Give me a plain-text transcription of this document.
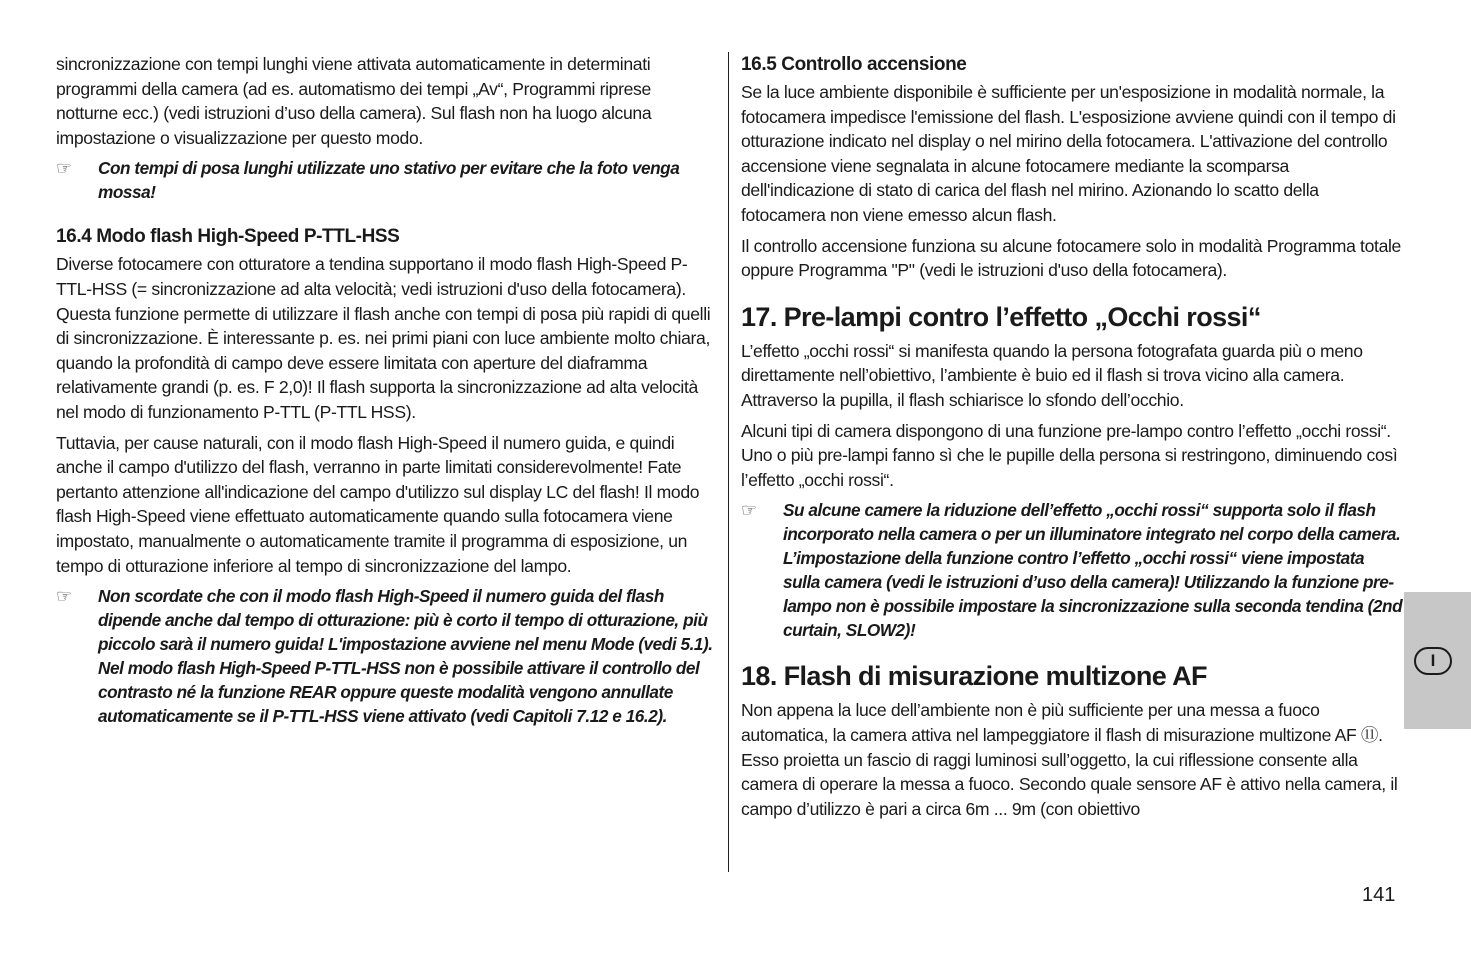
sincronizzazione con tempi lunghi viene attivata automaticamente in determinati programmi della camera (ad es. automatismo dei tempi „Av“, Programmi riprese notturne ecc.) (vedi istruzioni d’uso della camera). Sul flash non ha luogo alcuna impostazione o visualizzazione per questo modo.

☞	Con tempi di posa lunghi utilizzate uno stativo per evitare che la foto venga mossa!
16.4 Modo flash High-Speed P-TTL-HSS

Diverse fotocamere con otturatore a tendina supportano il modo flash High-Speed P-TTL-HSS (= sincronizzazione ad alta velocità; vedi istruzioni d'uso della fotocamera). Questa funzione permette di utilizzare il flash anche con tempi di posa più rapidi di quelli di sincronizzazione. È interessante p. es. nei primi piani con luce ambiente molto chiara, quando la profondità di campo deve essere limitata con aperture del diaframma relativamente grandi (p. es. F 2,0)! Il flash supporta la sincronizzazione ad alta velocità nel modo di funzionamento P-TTL (P-TTL HSS).

Tuttavia, per cause naturali, con il modo flash High-Speed il numero guida, e quindi anche il campo d'utilizzo del flash, verranno in parte limitati considerevolmente! Fate pertanto attenzione all'indicazione del campo d'utilizzo sul display LC del flash! Il modo flash High-Speed viene effettuato automaticamente quando sulla fotocamera viene impostato, manualmente o automaticamente tramite il programma di esposizione, un tempo di otturazione inferiore al tempo di sincronizzazione del lampo.

☞	Non scordate che con il modo flash High-Speed il numero guida del flash dipende anche dal tempo di otturazione: più è corto il tempo di otturazione, più piccolo sarà il numero guida! L'impostazione avviene nel menu Mode (vedi 5.1). Nel modo flash High-Speed P-TTL-HSS non è possibile attivare il controllo del contrasto né la funzione REAR oppure queste modalità vengono annullate automaticamente se il P-TTL-HSS viene attivato (vedi Capitoli 7.12 e 16.2).
16.5 Controllo accensione

Se la luce ambiente disponibile è sufficiente per un'esposizione in modalità normale, la fotocamera impedisce l'emissione del flash. L'esposizione avviene quindi con il tempo di otturazione indicato nel display o nel mirino della fotocamera. L'attivazione del controllo accensione viene segnalata in alcune fotocamere mediante la scomparsa dell'indicazione di stato di carica del flash nel mirino. Azionando lo scatto della fotocamera non viene emesso alcun flash.

Il controllo accensione funziona su alcune fotocamere solo in modalità Programma totale oppure Programma "P" (vedi le istruzioni d'uso della fotocamera).

17. Pre-lampi contro l’effetto „Occhi rossi“

L’effetto „occhi rossi“ si manifesta quando la persona fotografata guarda più o meno direttamente nell’obiettivo, l’ambiente è buio ed il flash si trova vicino alla camera. Attraverso la pupilla, il flash schiarisce lo sfondo dell’occhio.

Alcuni tipi di camera dispongono di una funzione pre-lampo contro l’effetto „occhi rossi“. Uno o più pre-lampi fanno sì che le pupille della persona si restringono, diminuendo così l’effetto „occhi rossi“.

☞	Su alcune camere la riduzione dell’effetto „occhi rossi“ supporta solo il flash incorporato nella camera o per un illuminatore integrato nel corpo della camera. L’impostazione della funzione contro l’effetto „occhi rossi“ viene impostata sulla camera (vedi le istruzioni d’uso della camera)! Utilizzando la funzione pre-lampo non è possibile impostare la sincronizzazione sulla seconda tendina (2nd curtain, SLOW2)!
18. Flash di misurazione multizone AF

Non appena la luce dell’ambiente non è più sufficiente per una messa a fuoco automatica, la camera attiva nel lampeggiatore il flash di misurazione multizone AF ⑪. Esso proietta un fascio di raggi luminosi sull’oggetto, la cui riflessione consente alla camera di operare la messa a fuoco. Secondo quale sensore AF è attivo nella camera, il campo d’utilizzo è pari a circa 6m ... 9m (con obiettivo

I
141
